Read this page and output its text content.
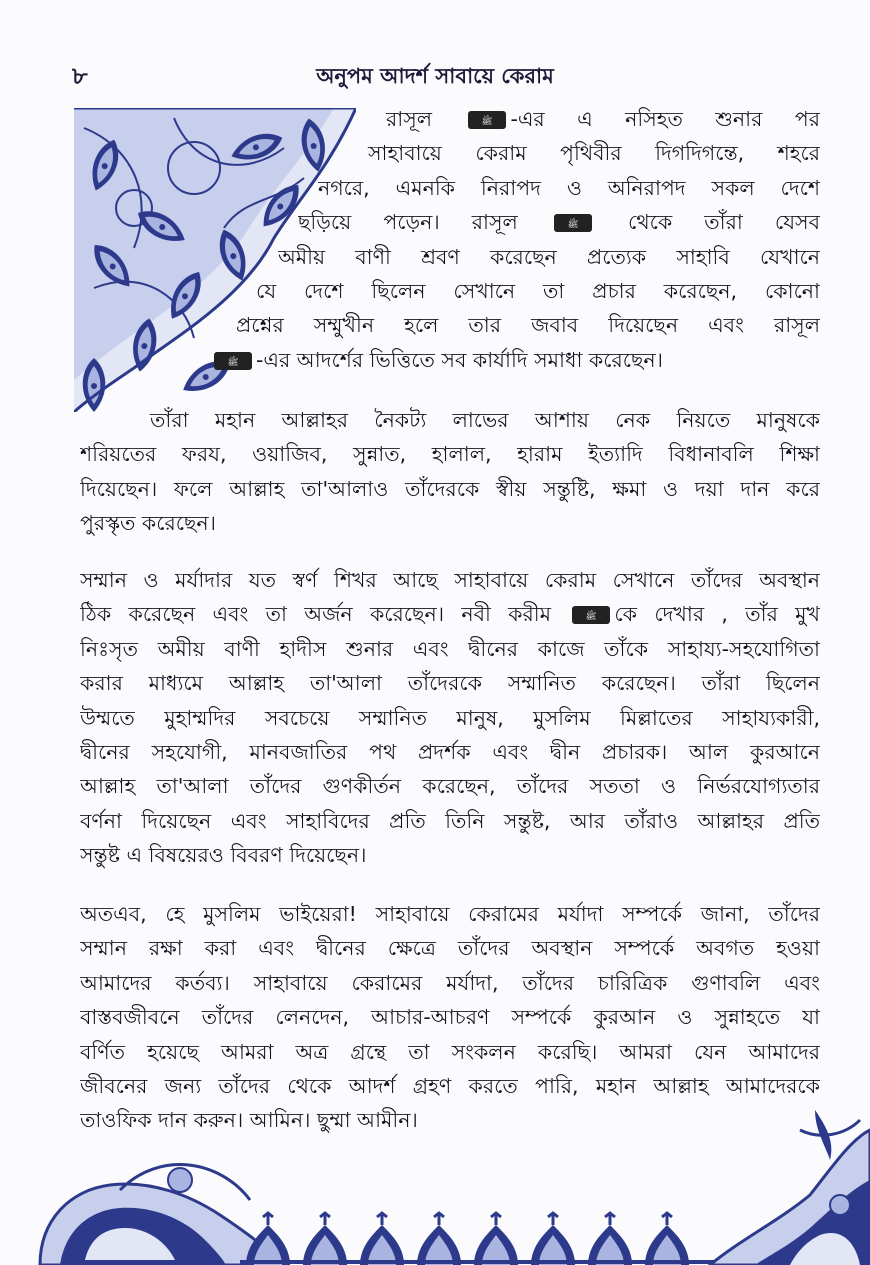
৮	অনুপম আদর্শ সাবায়ে কেরাম
রাসূল ﷺ -এর এ নসিহত শুনার পর
সাহাবায়ে কেরাম পৃথিবীর দিগদিগন্তে, শহরে
নগরে, এমনকি নিরাপদ ও অনিরাপদ সকল দেশে
ছড়িয়ে পড়েন। রাসূল ﷺ থেকে তাঁরা যেসব
অমীয় বাণী শ্রবণ করেছেন প্রত্যেক সাহাবি যেখানে
যে দেশে ছিলেন সেখানে তা প্রচার করেছেন, কোনো
প্রশ্নের সম্মুখীন হলে তার জবাব দিয়েছেন এবং রাসূল
ﷺ -এর আদর্শের ভিত্তিতে সব কার্যাদি সমাধা করেছেন।
তাঁরা মহান আল্লাহর নৈকট্য লাভের আশায় নেক নিয়তে মানুষকে
শরিয়তের ফরয, ওয়াজিব, সুন্নাত, হালাল, হারাম ইত্যাদি বিধানাবলি শিক্ষা
দিয়েছেন। ফলে আল্লাহ তা'আলাও তাঁদেরকে স্বীয় সন্তুষ্টি, ক্ষমা ও দয়া দান করে
পুরস্কৃত করেছেন।
সম্মান ও মর্যাদার যত স্বর্ণ শিখর আছে সাহাবায়ে কেরাম সেখানে তাঁদের অবস্থান
ঠিক করেছেন এবং তা অর্জন করেছেন। নবী করীম ﷺ কে দেখার , তাঁর মুখ
নিঃসৃত অমীয় বাণী হাদীস শুনার এবং দ্বীনের কাজে তাঁকে সাহায্য-সহযোগিতা
করার মাধ্যমে আল্লাহ তা'আলা তাঁদেরকে সম্মানিত করেছেন। তাঁরা ছিলেন
উম্মতে মুহাম্মদির সবচেয়ে সম্মানিত মানুষ, মুসলিম মিল্লাতের সাহায্যকারী,
দ্বীনের সহযোগী, মানবজাতির পথ প্রদর্শক এবং দ্বীন প্রচারক। আল কুরআনে
আল্লাহ তা'আলা তাঁদের গুণকীর্তন করেছেন, তাঁদের সততা ও নির্ভরযোগ্যতার
বর্ণনা দিয়েছেন এবং সাহাবিদের প্রতি তিনি সন্তুষ্ট, আর তাঁরাও আল্লাহর প্রতি
সন্তুষ্ট এ বিষয়েরও বিবরণ দিয়েছেন।
অতএব, হে মুসলিম ভাইয়েরা! সাহাবায়ে কেরামের মর্যাদা সম্পর্কে জানা, তাঁদের
সম্মান রক্ষা করা এবং দ্বীনের ক্ষেত্রে তাঁদের অবস্থান সম্পর্কে অবগত হওয়া
আমাদের কর্তব্য। সাহাবায়ে কেরামের মর্যাদা, তাঁদের চারিত্রিক গুণাবলি এবং
বাস্তবজীবনে তাঁদের লেনদেন, আচার-আচরণ সম্পর্কে কুরআন ও সুন্নাহতে যা
বর্ণিত হয়েছে আমরা অত্র গ্রন্থে তা সংকলন করেছি। আমরা যেন আমাদের
জীবনের জন্য তাঁদের থেকে আদর্শ গ্রহণ করতে পারি, মহান আল্লাহ আমাদেরকে
তাওফিক দান করুন। আমিন। ছুম্মা আমীন।
